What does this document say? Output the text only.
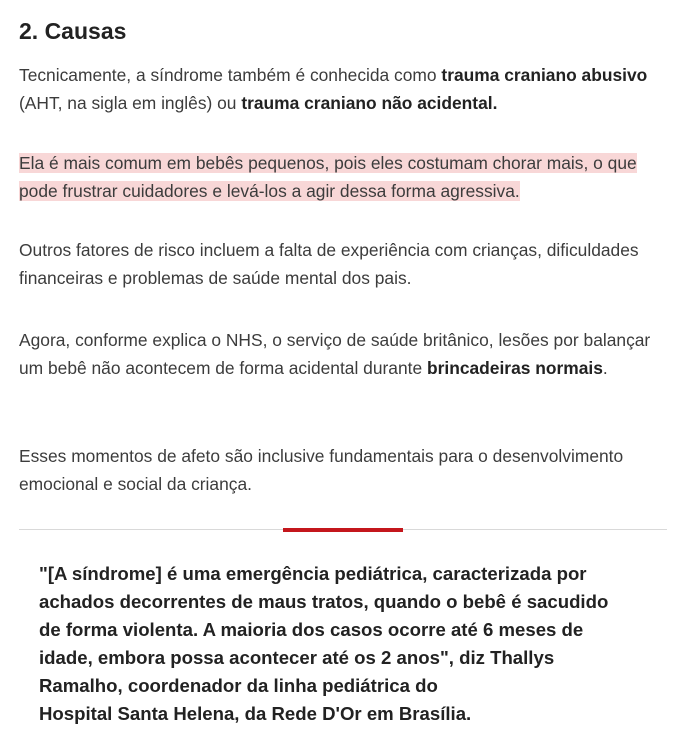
2. Causas

Tecnicamente, a síndrome também é conhecida como trauma craniano abusivo (AHT, na sigla em inglês) ou trauma craniano não acidental.

Ela é mais comum em bebês pequenos, pois eles costumam chorar mais, o que pode frustrar cuidadores e levá-los a agir dessa forma agressiva.

Outros fatores de risco incluem a falta de experiência com crianças, dificuldades financeiras e problemas de saúde mental dos pais.

Agora, conforme explica o NHS, o serviço de saúde britânico, lesões por balançar um bebê não acontecem de forma acidental durante brincadeiras normais.

Esses momentos de afeto são inclusive fundamentais para o desenvolvimento emocional e social da criança.

"[A síndrome] é uma emergência pediátrica, caracterizada por
achados decorrentes de maus tratos, quando o bebê é sacudido
de forma violenta. A maioria dos casos ocorre até 6 meses de
idade, embora possa acontecer até os 2 anos", diz Thallys
Ramalho, coordenador da linha pediátrica do
Hospital Santa Helena, da Rede D'Or em Brasília.
